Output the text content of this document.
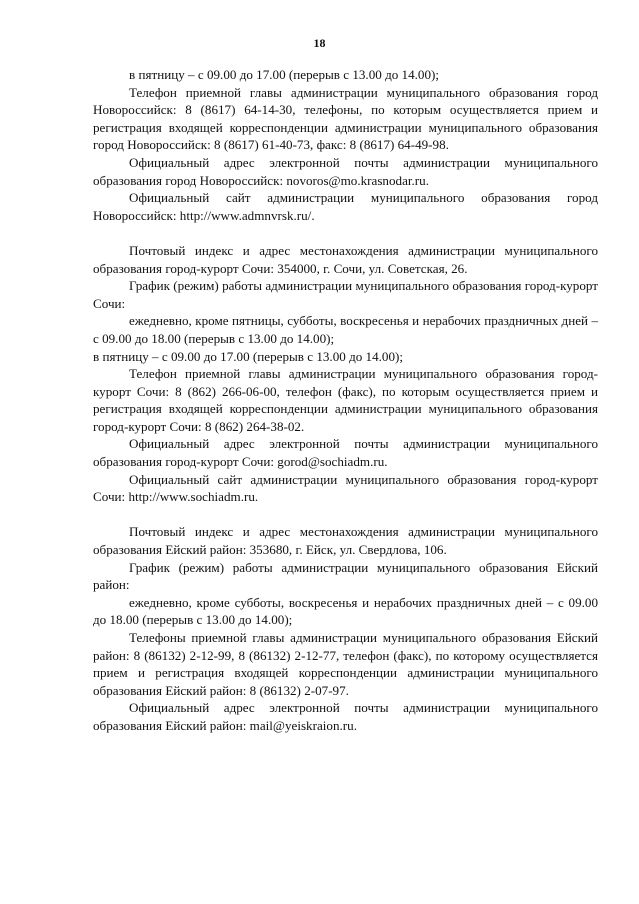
18

в пятницу – с 09.00 до 17.00 (перерыв с 13.00 до 14.00);

Телефон приемной главы администрации муниципального образования город Новороссийск: 8 (8617) 64-14-30, телефоны, по которым осуществляется прием и регистрация входящей корреспонденции администрации муниципального образования город Новороссийск: 8 (8617) 61-40-73, факс: 8 (8617) 64-49-98.

Официальный адрес электронной почты администрации муниципального образования город Новороссийск: novoros@mo.krasnodar.ru.

Официальный сайт администрации муниципального образования город Новороссийск: http://www.admnvrsk.ru/.

Почтовый индекс и адрес местонахождения администрации муниципального образования город-курорт Сочи: 354000, г. Сочи, ул. Советская, 26.

График (режим) работы администрации муниципального образования город-курорт Сочи:

ежедневно, кроме пятницы, субботы, воскресенья и нерабочих праздничных дней – с 09.00 до 18.00 (перерыв с 13.00 до 14.00);

в пятницу – с 09.00 до 17.00 (перерыв с 13.00 до 14.00);

Телефон приемной главы администрации муниципального образования город-курорт Сочи: 8 (862) 266-06-00, телефон (факс), по которым осуществляется прием и регистрация входящей корреспонденции администрации муниципального образования город-курорт Сочи: 8 (862) 264-38-02.

Официальный адрес электронной почты администрации муниципального образования город-курорт Сочи: gorod@sochiadm.ru.

Официальный сайт администрации муниципального образования город-курорт Сочи: http://www.sochiadm.ru.

Почтовый индекс и адрес местонахождения администрации муниципального образования Ейский район: 353680, г. Ейск, ул. Свердлова, 106.

График (режим) работы администрации муниципального образования Ейский район:

ежедневно, кроме субботы, воскресенья и нерабочих праздничных дней – с 09.00 до 18.00 (перерыв с 13.00 до 14.00);

Телефоны приемной главы администрации муниципального образования Ейский район: 8 (86132) 2-12-99, 8 (86132) 2-12-77, телефон (факс), по которому осуществляется прием и регистрация входящей корреспонденции администрации муниципального образования Ейский район: 8 (86132) 2-07-97.

Официальный адрес электронной почты администрации муниципального образования Ейский район: mail@yeiskraion.ru.
